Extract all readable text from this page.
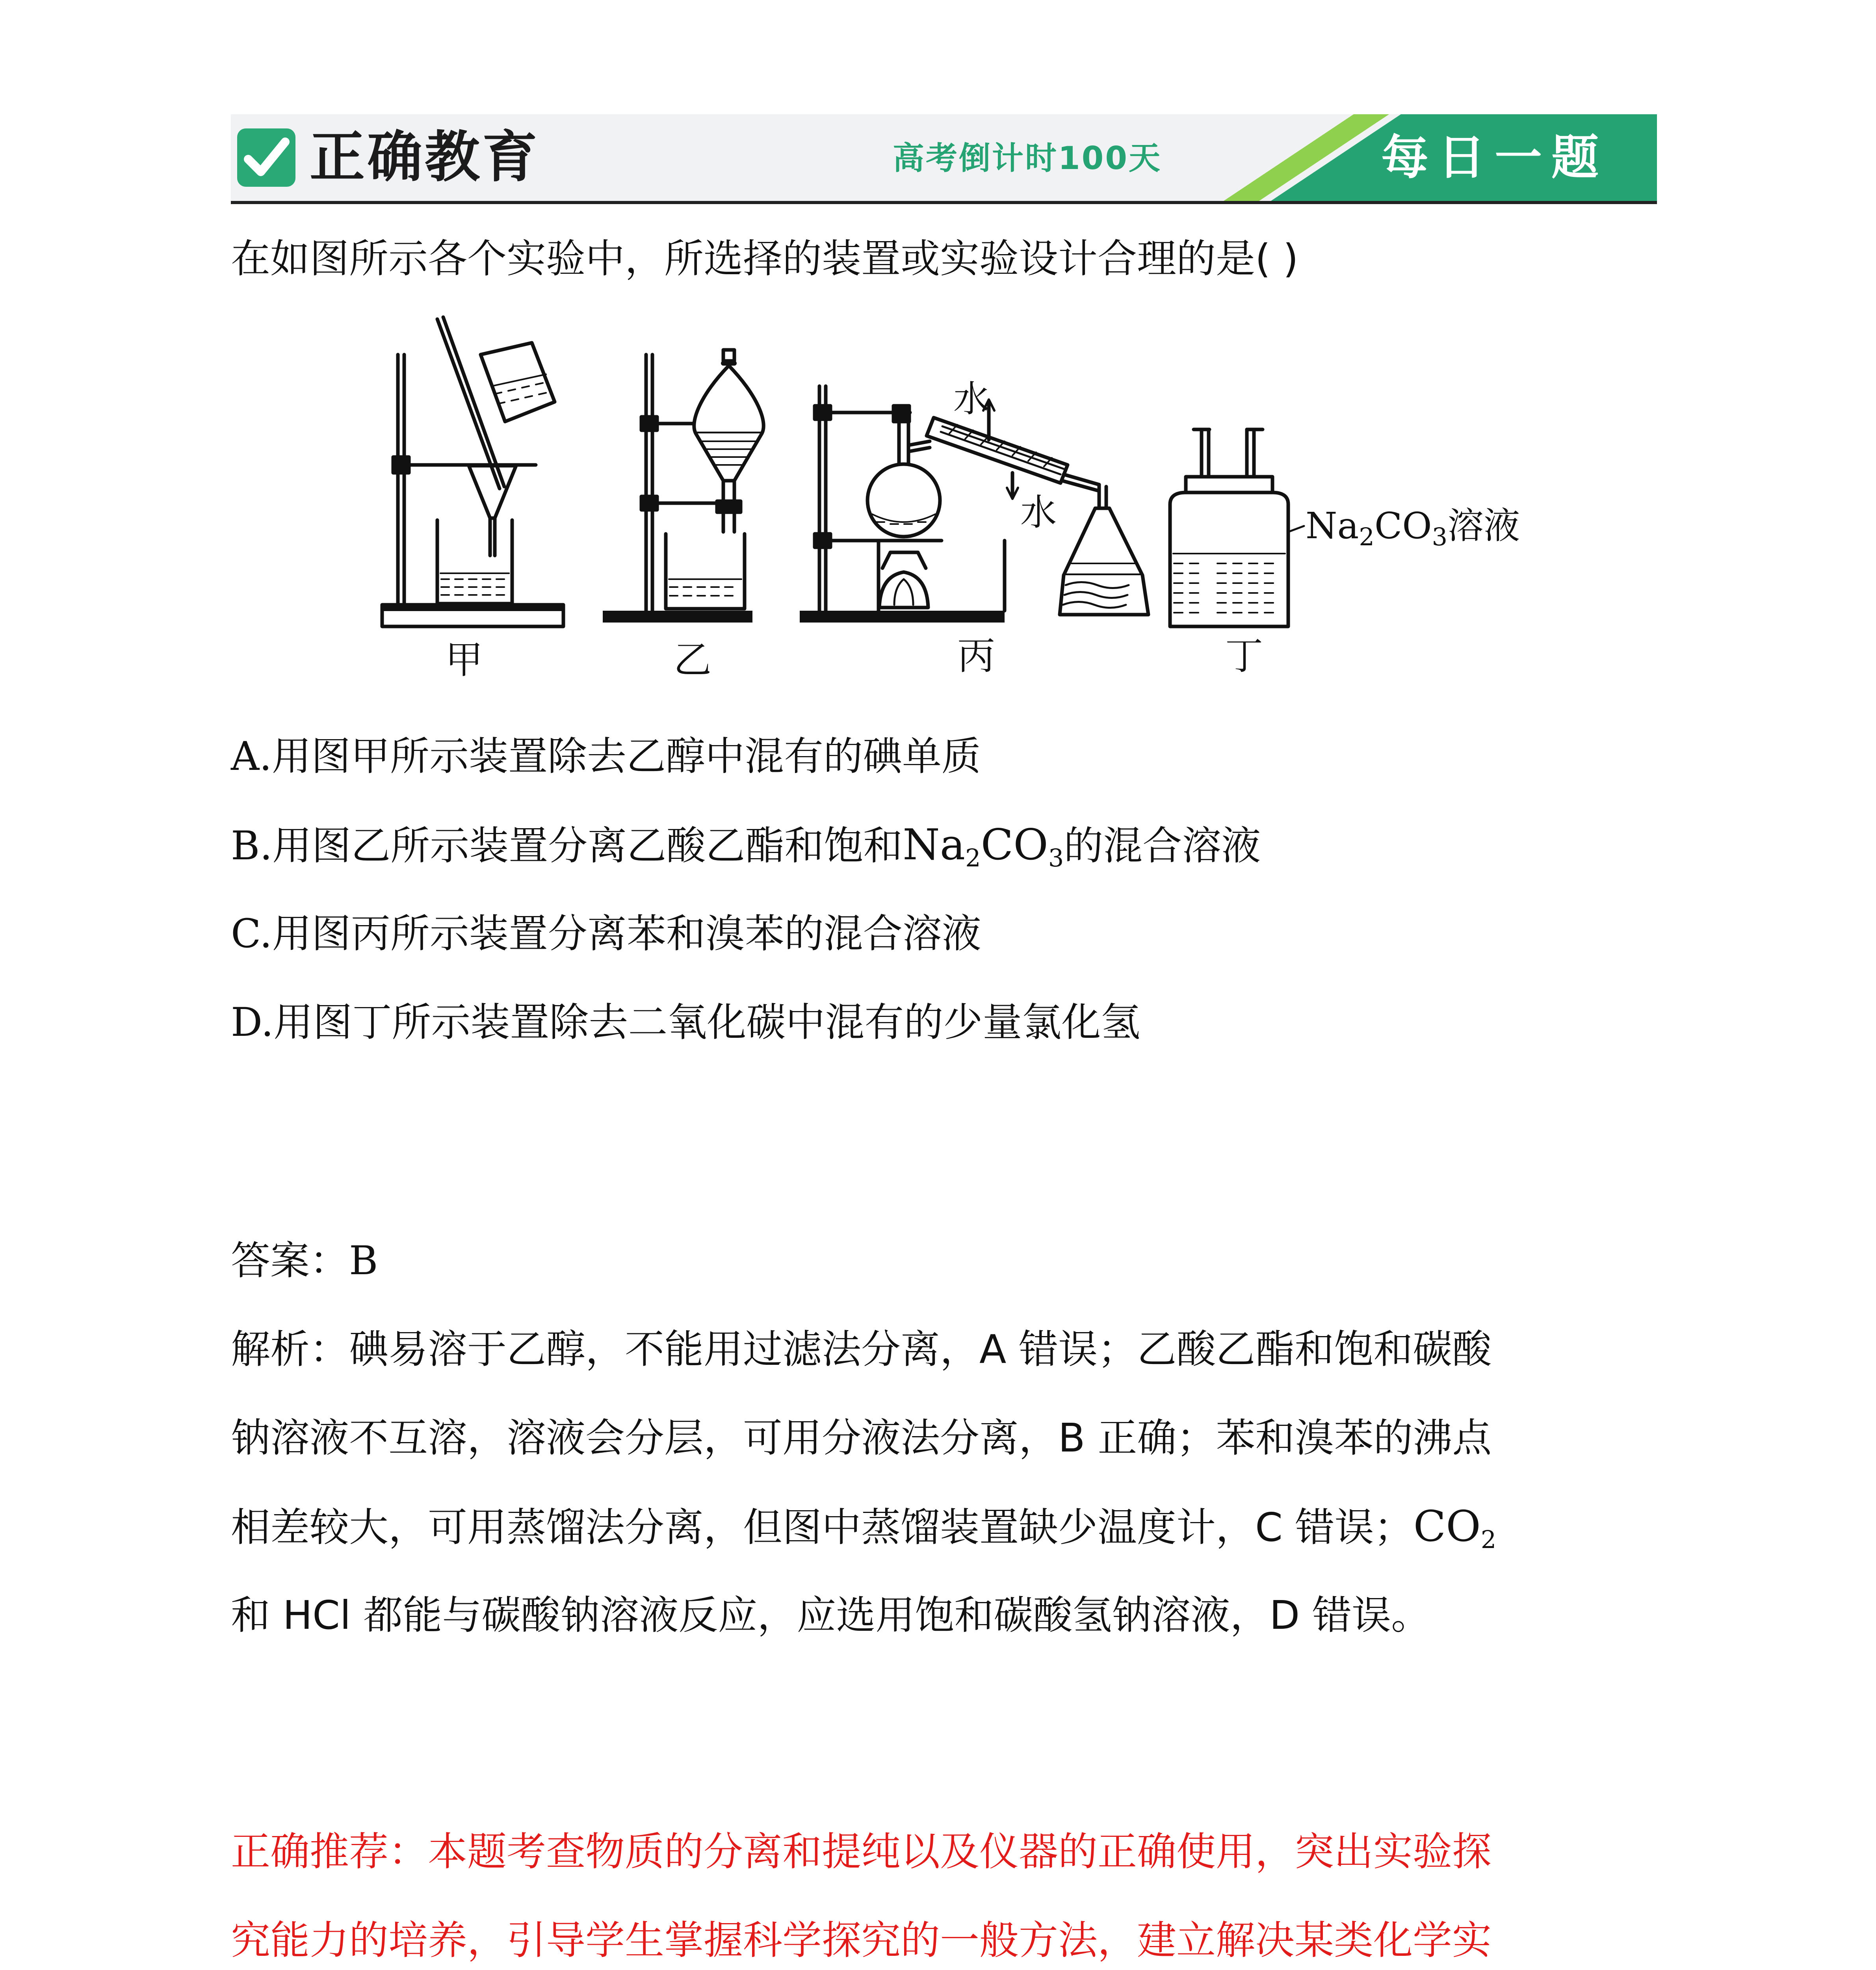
正确教育	高考倒计时100天	每日一题
在如图所示各个实验中，所选择的装置或实验设计合理的是( )
甲	乙	丙	丁
水
水	$Na_2CO_3$溶液
A.用图甲所示装置除去乙醇中混有的碘单质
B.用图乙所示装置分离乙酸乙酯和饱和$Na_2CO_3$的混合溶液
C.用图丙所示装置分离苯和溴苯的混合溶液
D.用图丁所示装置除去二氧化碳中混有的少量氯化氢
答案：B
解析：碘易溶于乙醇，不能用过滤法分离，A 错误；乙酸乙酯和饱和碳酸
钠溶液不互溶，溶液会分层，可用分液法分离，B 正确；苯和溴苯的沸点
相差较大，可用蒸馏法分离，但图中蒸馏装置缺少温度计，C 错误；$CO_2$
和 HCl 都能与碳酸钠溶液反应，应选用饱和碳酸氢钠溶液，D 错误。
正确推荐：本题考查物质的分离和提纯以及仪器的正确使用，突出实验探
究能力的培养，引导学生掌握科学探究的一般方法，建立解决某类化学实
